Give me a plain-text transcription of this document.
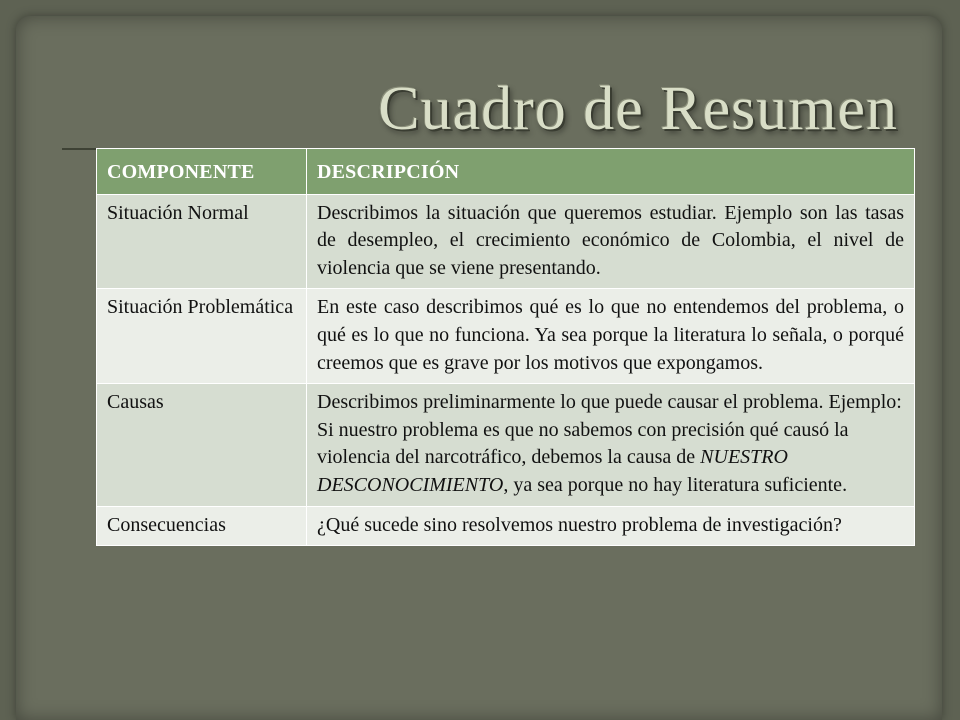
Cuadro de Resumen
COMPONENTE	DESCRIPCIÓN
Situación Normal	Describimos la situación que queremos estudiar. Ejemplo son las tasas de desempleo, el crecimiento económico de Colombia, el nivel de violencia que se viene presentando.
Situación Problemática	En este caso describimos qué es lo que no entendemos del problema, o qué es lo que no funciona. Ya sea porque la literatura lo señala, o porqué creemos que es grave por los motivos que expongamos.
Causas	Describimos preliminarmente lo que puede causar el problema. Ejemplo: Si nuestro problema es que no sabemos con precisión qué causó la violencia del narcotráfico, debemos la causa de NUESTRO DESCONOCIMIENTO, ya sea porque no hay literatura suficiente.
Consecuencias	¿Qué sucede sino resolvemos nuestro problema de investigación?
